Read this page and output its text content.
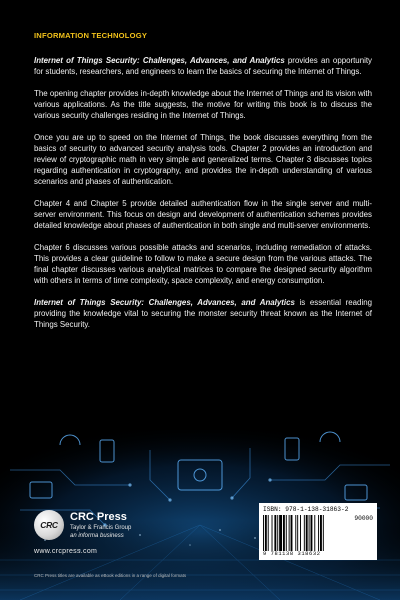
INFORMATION TECHNOLOGY

Internet of Things Security: Challenges, Advances, and Analytics provides an opportunity for students, researchers, and engineers to learn the basics of securing the Internet of Things.

The opening chapter provides in-depth knowledge about the Internet of Things and its vision with various applications. As the title suggests, the motive for writing this book is to discuss the various security challenges residing in the Internet of Things.

Once you are up to speed on the Internet of Things, the book discusses everything from the basics of security to advanced security analysis tools. Chapter 2 provides an introduction and review of cryptographic math in very simple and generalized terms. Chapter 3 discusses topics regarding authentication in cryptography, and provides the in-depth understanding of various scenarios and phases of authentication.

Chapter 4 and Chapter 5 provide detailed authentication flow in the single server and multi-server environment. This focus on design and development of authentication schemes provides detailed knowledge about phases of authentication in both single and multi-server environments.

Chapter 6 discusses various possible attacks and scenarios, including remediation of attacks. This provides a clear guideline to follow to make a secure design from the various attacks. The final chapter discusses various analytical matrices to compare the designed security algorithm with others in terms of time complexity, space complexity, and energy consumption.

Internet of Things Security: Challenges, Advances, and Analytics is essential reading providing the knowledge vital to securing the monster security threat known as the Internet of Things Security.

CRC
CRC Press
Taylor & Francis Group
an informa business
www.crcpress.com
CRC Press titles are available as eBook editions in a range of digital formats
ISBN: 978-1-138-31863-2
90000
9 781138 318632
